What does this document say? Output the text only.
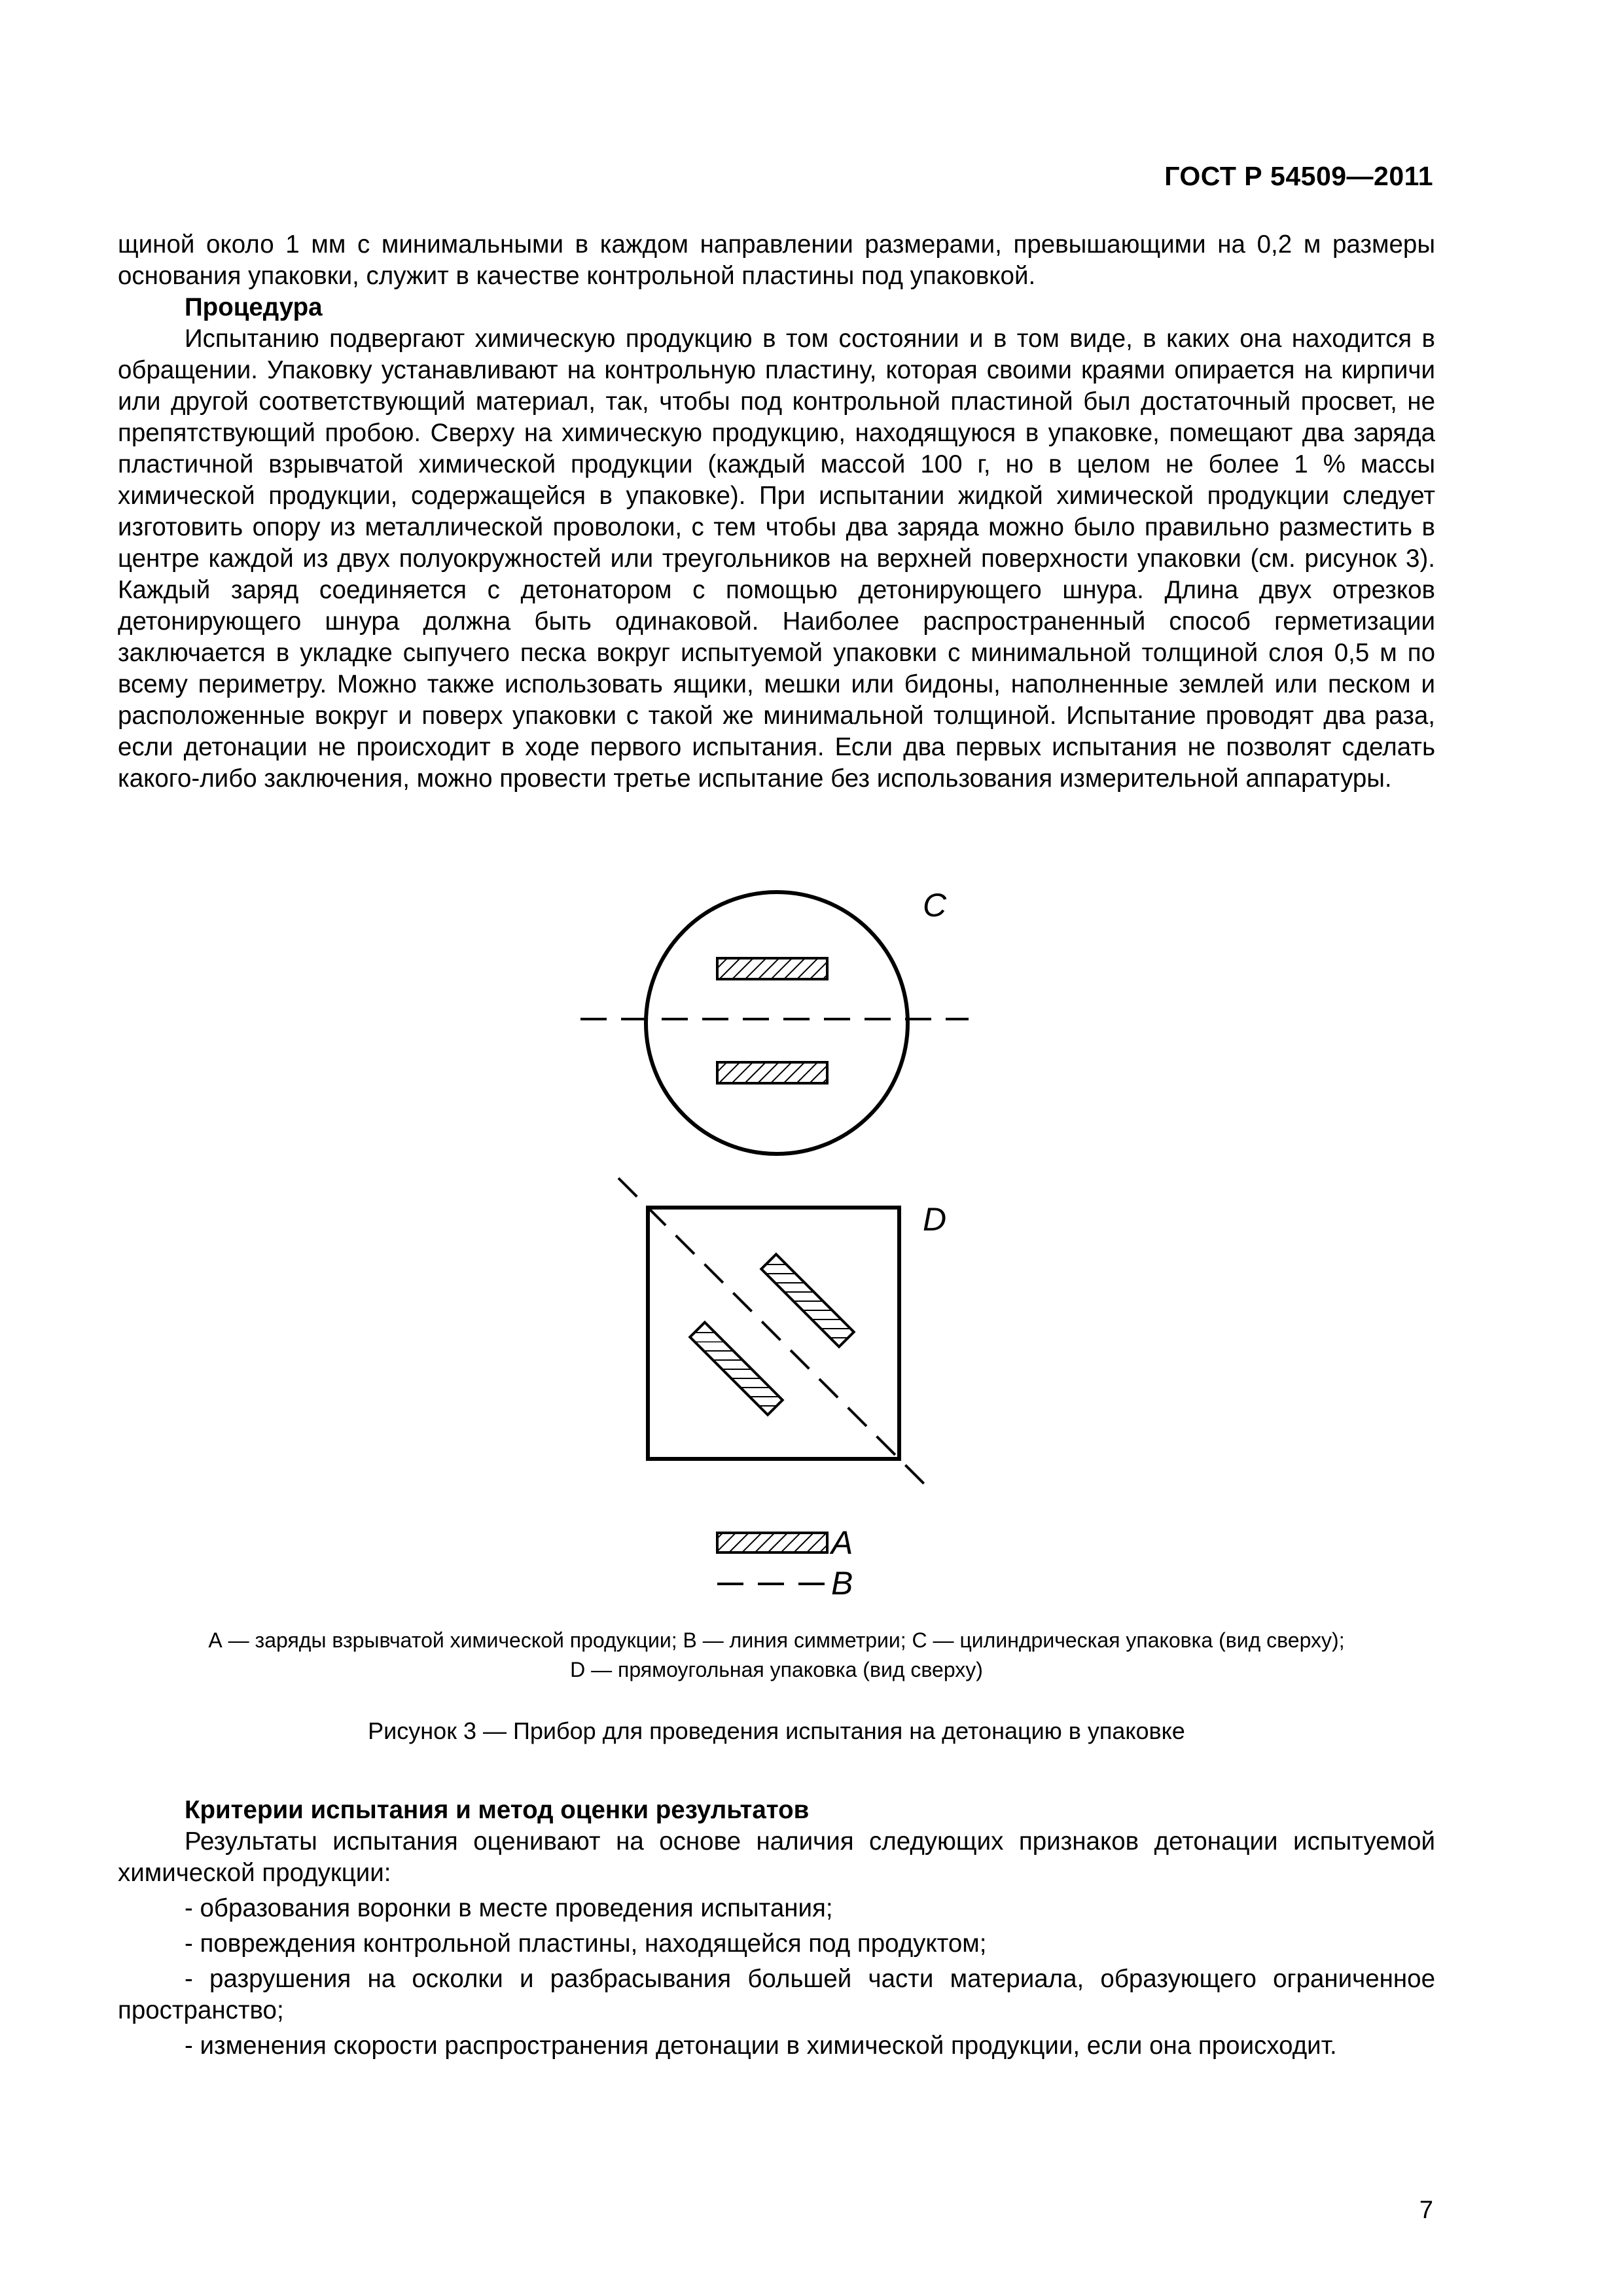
ГОСТ Р 54509—2011

щиной около 1 мм с минимальными в каждом направлении размерами, превышающими на 0,2 м размеры основания упаковки, служит в качестве контрольной пластины под упаковкой.

Процедура

Испытанию подвергают химическую продукцию в том состоянии и в том виде, в каких она находится в обращении. Упаковку устанавливают на контрольную пластину, которая своими краями опирается на кирпичи или другой соответствующий материал, так, чтобы под контрольной пластиной был достаточный просвет, не препятствующий пробою. Сверху на химическую продукцию, находящуюся в упаковке, помещают два заряда пластичной взрывчатой химической продукции (каждый массой 100 г, но в целом не более 1 % массы химической продукции, содержащейся в упаковке). При испытании жидкой химической продукции следует изготовить опору из металлической проволоки, с тем чтобы два заряда можно было правильно разместить в центре каждой из двух полуокружностей или треугольников на верхней поверхности упаковки (см. рисунок 3). Каждый заряд соединяется с детонатором с помощью детонирующего шнура. Длина двух отрезков детонирующего шнура должна быть одинаковой. Наиболее распространенный способ герметизации заключается в укладке сыпучего песка вокруг испытуемой упаковки с минимальной толщиной слоя 0,5 м по всему периметру. Можно также использовать ящики, мешки или бидоны, наполненные землей или песком и расположенные вокруг и поверх упаковки с такой же минимальной толщиной. Испытание проводят два раза, если детонации не происходит в ходе первого испытания. Если два первых испытания не позволят сделать какого-либо заключения, можно провести третье испытание без использования измерительной аппаратуры.

C
D
A
B
А — заряды взрывчатой химической продукции; В — линия симметрии; С — цилиндрическая упаковка (вид сверху);
D — прямоугольная упаковка (вид сверху)
Рисунок 3 — Прибор для проведения испытания на детонацию в упаковке

Критерии испытания и метод оценки результатов

Результаты испытания оценивают на основе наличия следующих признаков детонации испытуемой химической продукции:

- образования воронки в месте проведения испытания;

- повреждения контрольной пластины, находящейся под продуктом;

- разрушения на осколки и разбрасывания большей части материала, образующего ограниченное пространство;

- изменения скорости распространения детонации в химической продукции, если она происходит.

7
